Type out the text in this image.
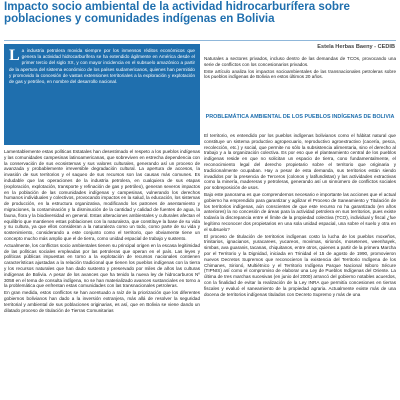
Impacto socio ambiental de la actividad hidrocarburífera sobre poblaciones y comunidades indígenas en Bolivia
La industria petrolera movida siempre por los inmensos réditos económicos que genera la actividad hidrocarburífera se ha extendido ágilmente en América desde el primer tercio del siglo XX, y con mayor incidencia en el subsuelo amazónico a partir de la apertura del sistema económico de los países sudamericanos, quienes han permitido y promovido la concesión de vastas extensiones territoriales a la exploración y explotación de gas y petróleo, en nombre del desarrollo nacional.
Estela Herbas Baeny - CEDIB

Lamentablemente estas políticas Estatales han desestimado el respeto a los pueblos indígenas y las comunidades campesinas latinoamericanas, que sobreviven en estrecha dependencia con la conservación de sus ecosistemas y sus valores culturales, generando así un proceso de avanzada y probablemente irreversible degradación cultural. La apertura de accesos, la invasión de sus territorios y el saqueo de sus recursos son las causas más comunes. Es indudable que las operaciones de la industria petrolera, en cualquiera de sus etapas (exploración, explotación, transporte y refinación de gas y petróleo), generan severos impactos en la población de las comunidades indígenas y campesinas, vulnerando los derechos humanos individuales y colectivos, provocando impactos en la salud, la educación, los sistemas de producción, en la estructura organizativa, modificando los patrones de asentamiento y migraciones, la contaminación y la disminución de la cantidad y calidad de fuentes de agua, la fauna, flora y la biodiversidad en general. Estas alteraciones ambientales y culturales afectan el equilibrio que mantienen estas poblaciones con la naturaleza, que constituye la base de su vida y su cultura, ya que ellos consideran a la naturaleza como un todo, como parte de su vida y sostenimiento, considerando a este conjunto como el territorio, que obviamente tiene un concepto mucho más amplio que el de tierra, como unidad espacial de trabajo y sustento.

Actualmente, los conflictos socio ambientales tienen su principal origen en la escasa legitimidad de las políticas sociales empleadas por las petroleras que operan en el país. Las leyes y políticas públicas impuestas en torno a la explotación de recursos nacionales contienen características ajustadas a la relación tradicional que tienen los pueblos indígenas con la tierra y los recursos naturales que han dado sustento y preservado por miles de años las culturas indígenas de Bolivia. A pesar de los avances que ha tenido la nueva ley de hidrocarburos Nº 3058 en el tema de consulta indígena, no se han materializado avances sustanciales en torno a la problemática que enfrentan estas comunidades con las transnacionales petroleras.

En gran medida, estos conflictos se han acentuado a raíz de la priorización que los diferentes gobiernos bolivianos han dado a la inversión extranjera, más allá de resolver la seguridad territorial y ambiental de sus poblaciones originarias, es así, que en Bolivia se viene dando un dilatado proceso de titulación de Tierras Comunitarias

Naturales a sectores privados, incluso dentro de las demandas de TCOs, provocando una serie de conflictos con los concesionarios privados.

Este artículo analiza los impactos socioambientales de las transnacionales petroleras sobre los pueblos indígenas de Bolivia en estos últimos 20 años.

PROBLEMÁTICA AMBIENTAL DE LOS PUEBLOS INDÍGENAS DE BOLIVIA

El territorio, es entendido por los pueblos indígenas bolivianos como el hábitat natural que constituye un sistema productivo agropecuario, reproductivo agroextractivo (cacería, pesca, recolección, etc.) y social, que permite no sólo la subsistencia alimentaria, sino el derecho al trabajo y a la organización colectiva. Es por eso que el planteamiento central de los pueblos indígenas reside en que no solicitan un espacio de tierra, cono fundamentalmente, el reconocimiento legal del derecho propietario sobre el territorio que originaria y tradicionalmente ocupaban. Hay a pesar de esta demanda, sus territorios están siendo invadidos por la presencia de Terceros (colonos y latifundistas) y las actividades extractivas como la minería, madereras y petroleras, generando así un sinnúmero de conflictos sociales por sobreposición de usos.

Bajo este panorama es que comprendemos necesario e importante las acciones que el actual gobierno ha emprendido para garantizar y agilizar el Proceso de Saneamiento y Titulación de los territorios indígenas, aún conscientes de que este recurso no ha garantizado (en años anteriores) la no concesión de áreas para la actividad petrolera en sus territorios, pues existe todavía la discrepancia entre el límite de la propiedad colectiva (TCO), individual y fiscal ¿fue legítimo reconocer dos propietarios en una sola unidad espacial, una sobre el suelo y otra en el subsuelo?

El proceso de titulación de territorios indígenas costo la lucha de los pueblos moxeños, trinitarios, ignacianos, yuracarees, yucareos, movimas, sirionós, mosetenes, weenhayek, simbas, ava guaranis, tacanas, chiquitanos, entre otros, quienes a partir de la primera Marcha por el Territorio y la Dignidad, iniciada en Trinidad el 15 de agosto de 1990, promovieron nuevos Decretos Supremos que reconocieron la existencia del Territorio Indígena de los Chimanes, Sirionó, Multiétnico y el Territorio Indígena Parque Nacional Isiboro Sécure (TIPNIS) así como el compromiso de elaborar una Ley de Pueblos Indígenas del Oriente. La última de tres marchas sucesivas (en junio del 2000) arrancó del gobierno notables acuerdos, con la finalidad de evitar la realización de la Ley INRA que permitía concesiones en tierras fiscales y evaluó el saneamiento de la propiedad agraria. Actualmente existe más de una docena de territorios indígenas titulados con Decreto Supremo y más de una
